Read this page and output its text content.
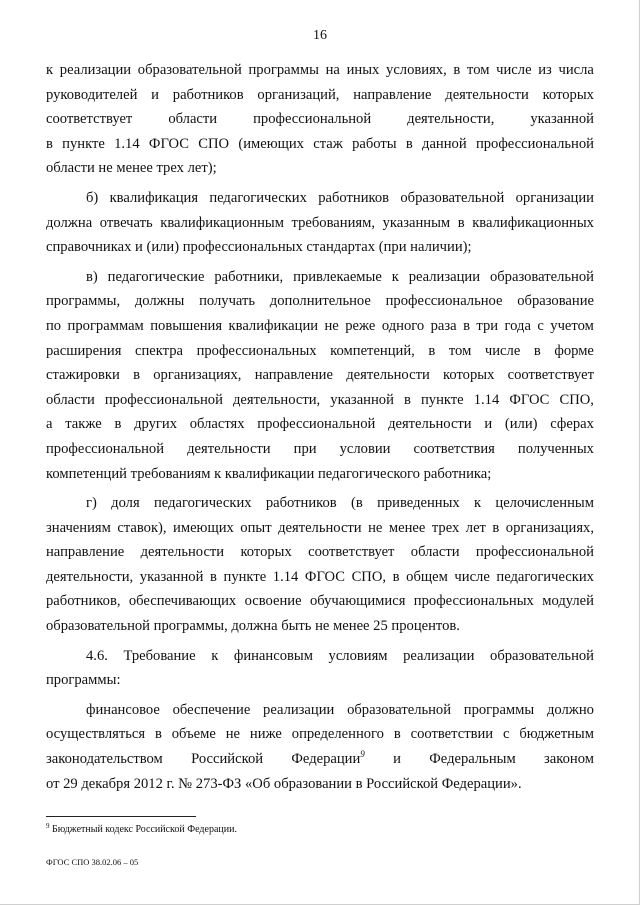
16
к реализации образовательной программы на иных условиях, в том числе из числа
руководителей и работников организаций, направление деятельности которых
соответствует области профессиональной деятельности, указанной
в пункте 1.14 ФГОС СПО (имеющих стаж работы в данной профессиональной
области не менее трех лет);
б) квалификация педагогических работников образовательной организации
должна отвечать квалификационным требованиям, указанным в квалификационных
справочниках и (или) профессиональных стандартах (при наличии);
в) педагогические работники, привлекаемые к реализации образовательной
программы, должны получать дополнительное профессиональное образование
по программам повышения квалификации не реже одного раза в три года с учетом
расширения спектра профессиональных компетенций, в том числе в форме
стажировки в организациях, направление деятельности которых соответствует
области профессиональной деятельности, указанной в пункте 1.14 ФГОС СПО,
а также в других областях профессиональной деятельности и (или) сферах
профессиональной деятельности при условии соответствия полученных
компетенций требованиям к квалификации педагогического работника;
г) доля педагогических работников (в приведенных к целочисленным
значениям ставок), имеющих опыт деятельности не менее трех лет в организациях,
направление деятельности которых соответствует области профессиональной
деятельности, указанной в пункте 1.14 ФГОС СПО, в общем числе педагогических
работников, обеспечивающих освоение обучающимися профессиональных модулей
образовательной программы, должна быть не менее 25 процентов.
4.6. Требование к финансовым условиям реализации образовательной
программы:
финансовое обеспечение реализации образовательной программы должно
осуществляться в объеме не ниже определенного в соответствии с бюджетным
законодательством Российской Федерации$^9$ и Федеральным законом
от 29 декабря 2012 г. № 273-ФЗ «Об образовании в Российской Федерации».
$^9$ Бюджетный кодекс Российской Федерации.
ФГОС СПО 38.02.06 – 05
